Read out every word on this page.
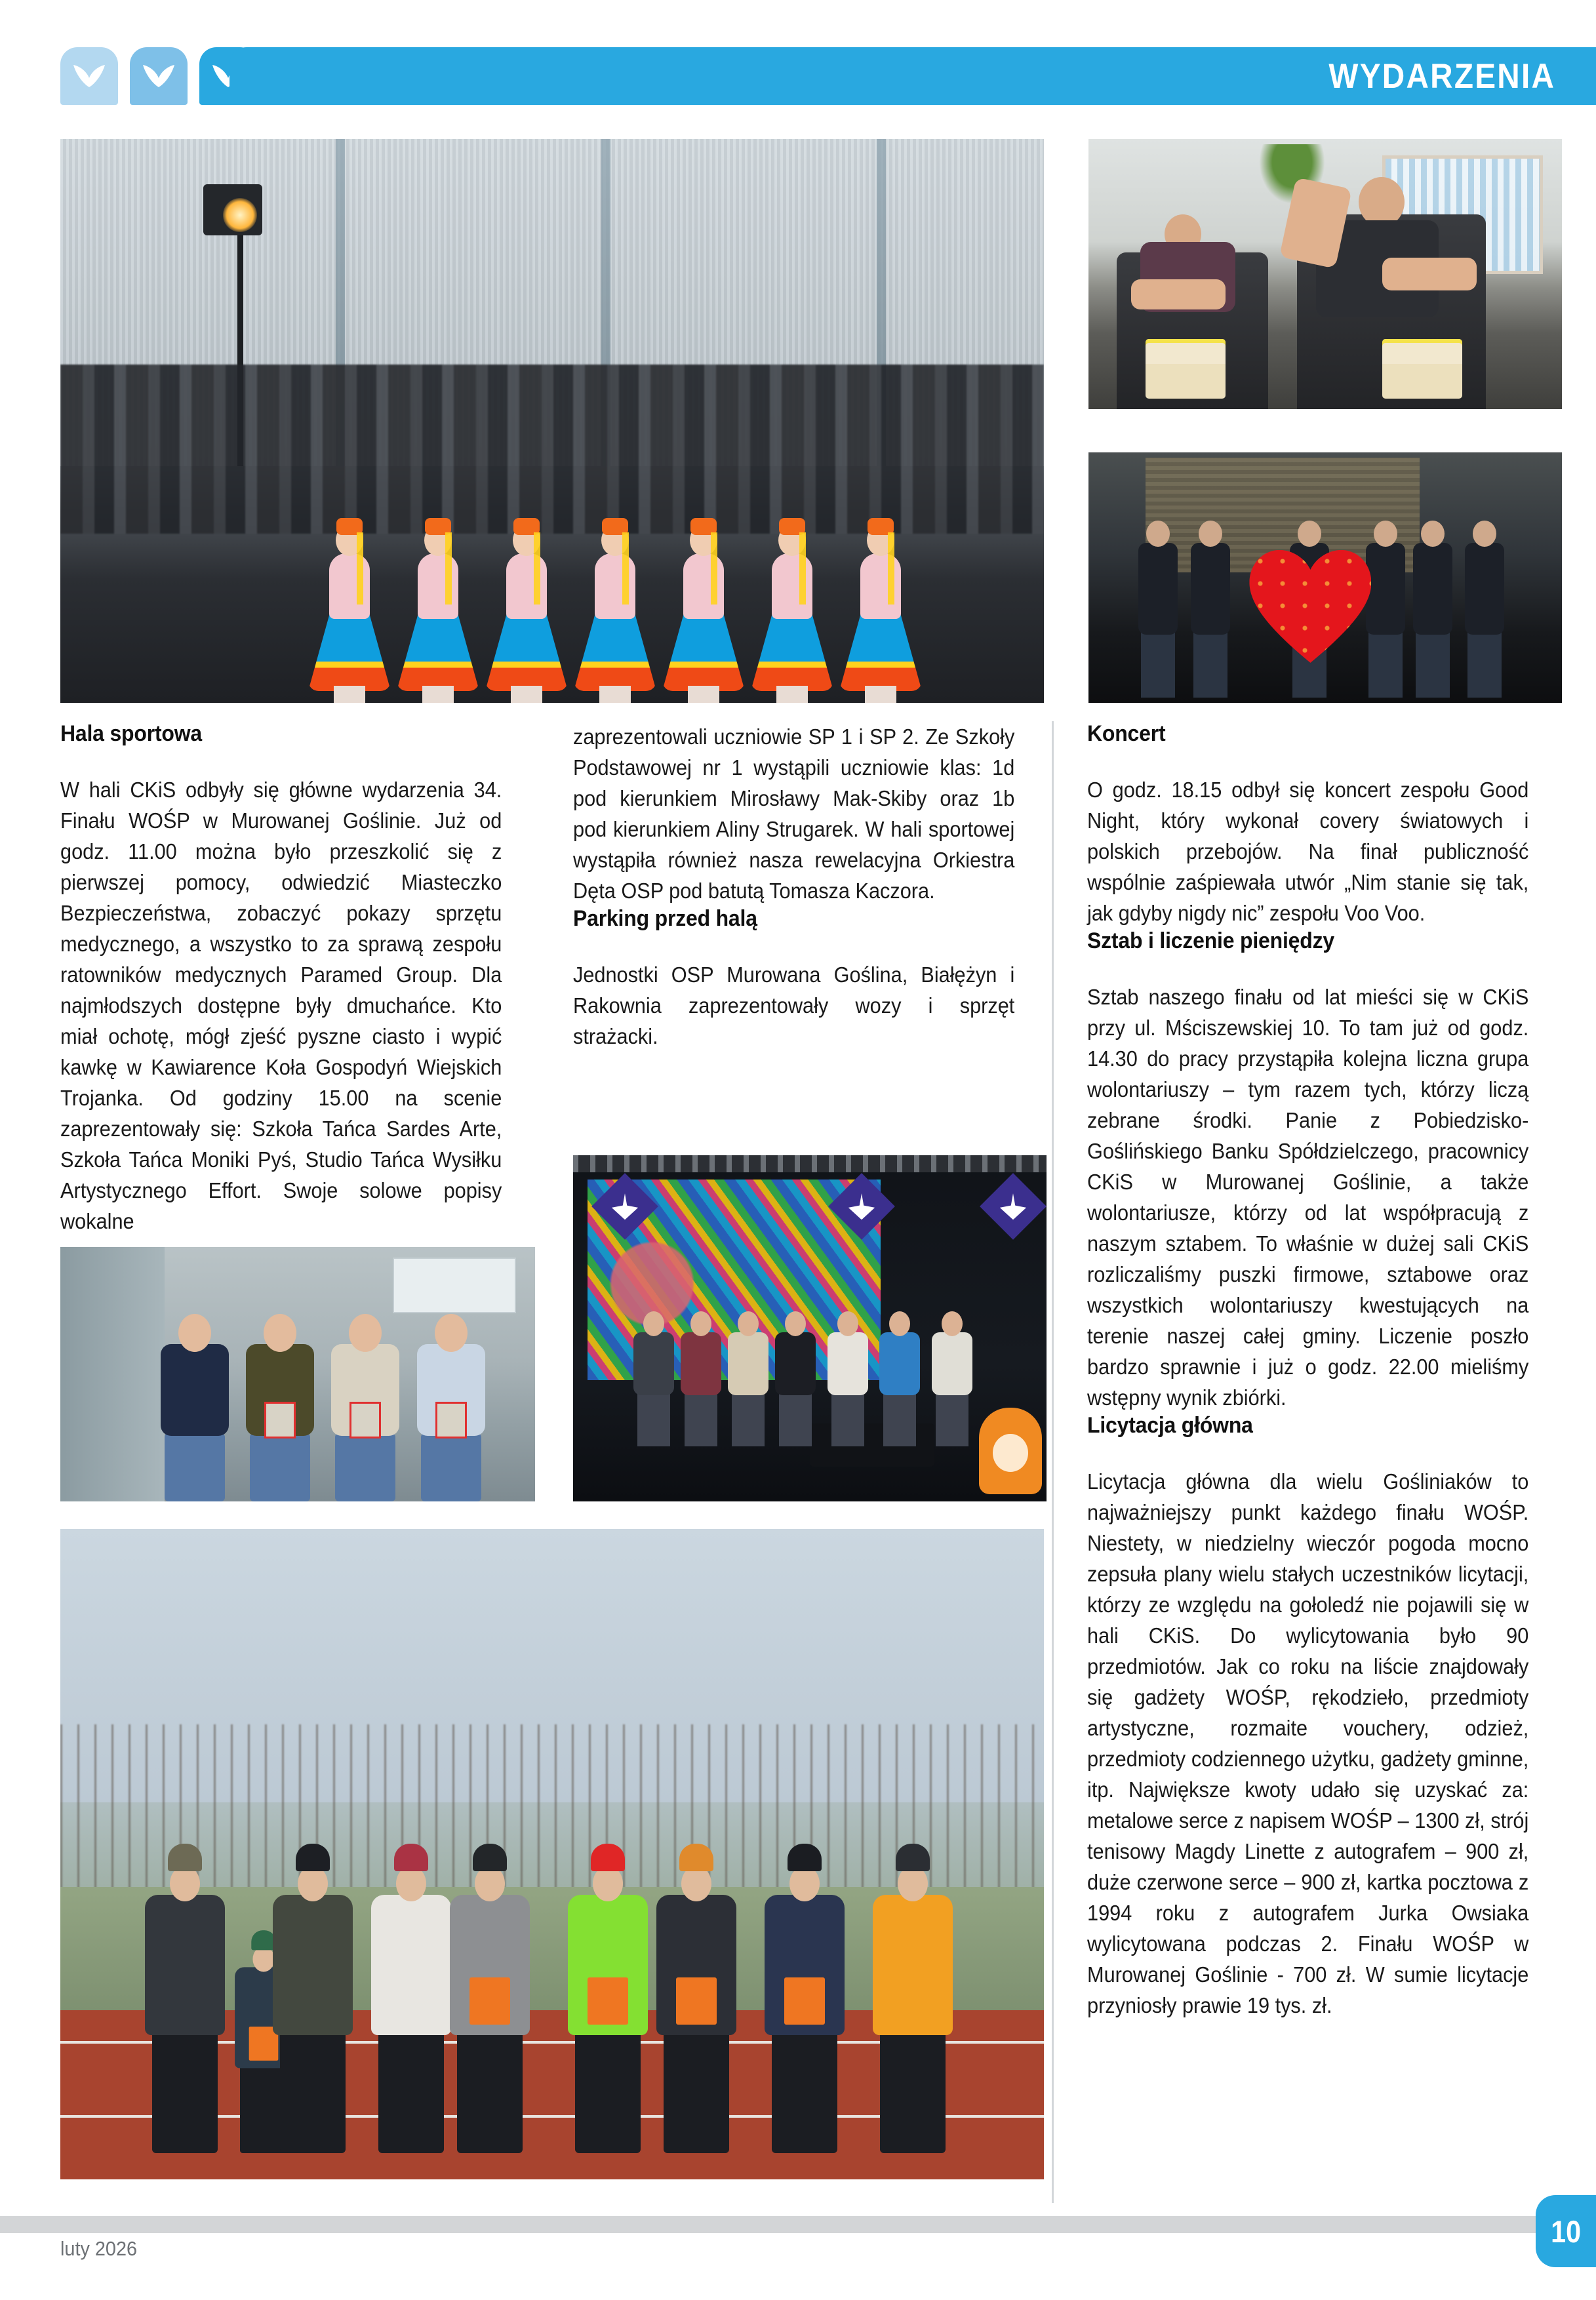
WYDARZENIA
Hala sportowa

W hali CKiS odbyły się główne wydarzenia 34. Finału WOŚP w Murowanej Goślinie. Już od godz. 11.00 można było przeszkolić się z pierwszej pomocy, odwiedzić Miasteczko Bezpieczeństwa, zobaczyć pokazy sprzętu medycznego, a wszystko to za sprawą zespołu ratowników medycznych Paramed Group. Dla najmłodszych dostępne były dmuchańce. Kto miał ochotę, mógł zjeść pyszne ciasto i wypić kawkę w Kawiarence Koła Gospodyń Wiejskich Trojanka. Od godziny 15.00 na scenie zaprezentowały się: Szkoła Tańca Sardes Arte, Szkoła Tańca Moniki Pyś, Studio Tańca Wysiłku Artystycznego Effort. Swoje solowe popisy wokalne

zaprezentowali uczniowie SP 1 i SP 2. Ze Szkoły Podstawowej nr 1 wystąpili uczniowie klas: 1d pod kierunkiem Mirosławy Mak-Skiby oraz 1b pod kierunkiem Aliny Strugarek. W hali sportowej wystąpiła również nasza rewelacyjna Orkiestra Dęta OSP pod batutą Tomasza Kaczora.

Parking przed halą

Jednostki OSP Murowana Goślina, Białężyn i Rakownia zaprezentowały wozy i sprzęt strażacki.

Koncert

O godz. 18.15 odbył się koncert zespołu Good Night, który wykonał covery światowych i polskich przebojów. Na finał publiczność wspólnie zaśpiewała utwór „Nim stanie się tak, jak gdyby nigdy nic” zespołu Voo Voo.

Sztab i liczenie pieniędzy

Sztab naszego finału od lat mieści się w CKiS przy ul. Mściszewskiej 10. To tam już od godz. 14.30 do pracy przystąpiła kolejna liczna grupa wolontariuszy – tym razem tych, którzy liczą zebrane środki. Panie z Pobiedzisko-Goślińskiego Banku Spółdzielczego, pracownicy CKiS w Murowanej Goślinie, a także wolontariusze, którzy od lat współpracują z naszym sztabem. To właśnie w dużej sali CKiS rozliczaliśmy puszki firmowe, sztabowe oraz wszystkich wolontariuszy kwestujących na terenie naszej całej gminy. Liczenie poszło bardzo sprawnie i już o godz. 22.00 mieliśmy wstępny wynik zbiórki.

Licytacja główna

Licytacja główna dla wielu Gośliniaków to najważniejszy punkt każdego finału WOŚP. Niestety, w niedzielny wieczór pogoda mocno zepsuła plany wielu stałych uczestników licytacji, którzy ze względu na gołoledź nie pojawili się w hali CKiS. Do wylicytowania było 90 przedmiotów. Jak co roku na liście znajdowały się gadżety WOŚP, rękodzieło, przedmioty artystyczne, rozmaite vouchery, odzież, przedmioty codziennego użytku, gadżety gminne, itp. Największe kwoty udało się uzyskać za: metalowe serce z napisem WOŚP – 1300 zł, strój tenisowy Magdy Linette z autografem – 900 zł, duże czerwone serce – 900 zł, kartka pocztowa z 1994 roku z autografem Jurka Owsiaka wylicytowana podczas 2. Finału WOŚP w Murowanej Goślinie - 700 zł. W sumie licytacje przyniosły prawie 19 tys. zł.

luty 2026	10
